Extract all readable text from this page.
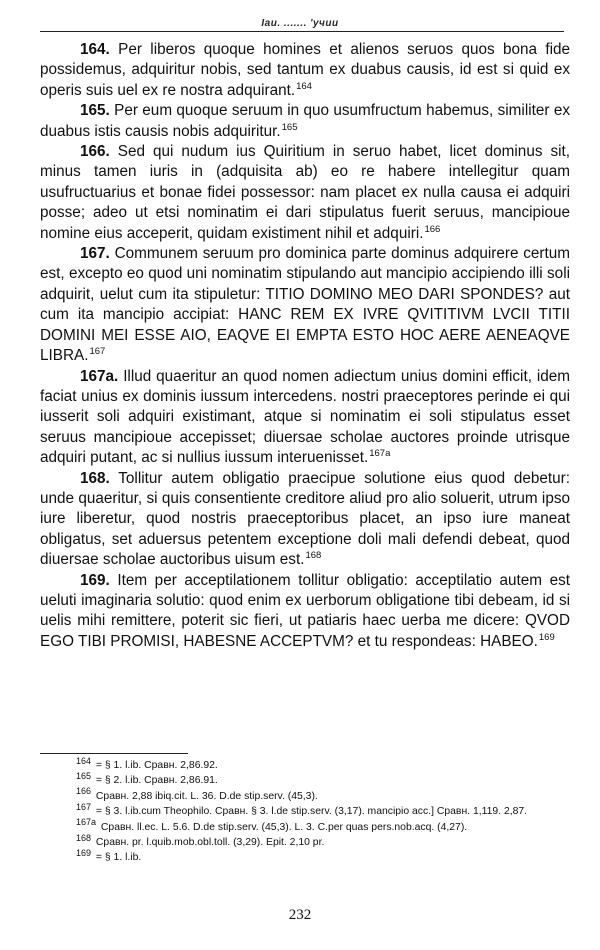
Іаи. ....... 'учии

164. Per liberos quoque homines et alienos seruos quos bona fide possidemus, adquiritur nobis, sed tantum ex duabus causis, id est si quid ex operis suis uel ex re nostra adquirant.$^{164}$

165. Per eum quoque seruum in quo usumfructum habemus, similiter ex duabus istis causis nobis adquiritur.$^{165}$

166. Sed qui nudum ius Quiritium in seruo habet, licet dominus sit, minus tamen iuris in (adquisita ab) eo re habere intellegitur quam usufructuarius et bonae fidei possessor: nam placet ex nulla causa ei adquiri posse; adeo ut etsi nominatim ei dari stipulatus fuerit seruus, mancipioue nomine eius acceperit, quidam existiment nihil et adquiri.$^{166}$

167. Communem seruum pro dominica parte dominus adquirere certum est, excepto eo quod uni nominatim stipulando aut mancipio accipiendo illi soli adquirit, uelut cum ita stipuletur: TITIO DOMINO MEO DARI SPONDES? aut cum ita mancipio accipiat: HANC REM EX IVRE QVITITIVM LVCII TITII DOMINI MEI ESSE AIO, EAQVE EI EMPTA ESTO HOC AERE AENEAQVE LIBRA.$^{167}$

167a. Illud quaeritur an quod nomen adiectum unius domini efficit, idem faciat unius ex dominis iussum intercedens. nostri praeceptores perinde ei qui iusserit soli adquiri existimant, atque si nominatim ei soli stipulatus esset seruus mancipioue accepisset; diuersae scholae auctores proinde utrisque adquiri putant, ac si nullius iussum interuenisset.$^{167a}$

168. Tollitur autem obligatio praecipue solutione eius quod debetur: unde quaeritur, si quis consentiente creditore aliud pro alio soluerit, utrum ipso iure liberetur, quod nostris praeceptoribus placet, an ipso iure maneat obligatus, set aduersus petentem exceptione doli mali defendi debeat, quod diuersae scholae auctoribus uisum est.$^{168}$

169. Item per acceptilationem tollitur obligatio: acceptilatio autem est ueluti imaginaria solutio: quod enim ex uerborum obligatione tibi debeam, id si uelis mihi remittere, poterit sic fieri, ut patiaris haec uerba me dicere: QVOD EGO TIBI PROMISI, HABESNE ACCEPTVM? et tu respondeas: HABEO.$^{169}$

$^{164}$ = § 1. l.ib. Сравн. 2,86.92.

$^{165}$ = § 2. l.ib. Сравн. 2,86.91.

$^{166}$ Сравн. 2,88 ibiq.cit. L. 36. D.de stip.serv. (45,3).

$^{167}$ = § 3. l.ib.cum Theophilo. Сравн. § 3. l.de stip.serv. (3,17). mancipio acc.] Сравн. 1,119. 2,87.

$^{167a}$ Сравн. ll.ec. L. 5.6. D.de stip.serv. (45,3). L. 3. C.per quas pers.nob.acq. (4,27).

$^{168}$ Сравн. pr. l.quib.mob.obl.toll. (3,29). Epit. 2,10 pr.

$^{169}$ = § 1. l.ib.

232
